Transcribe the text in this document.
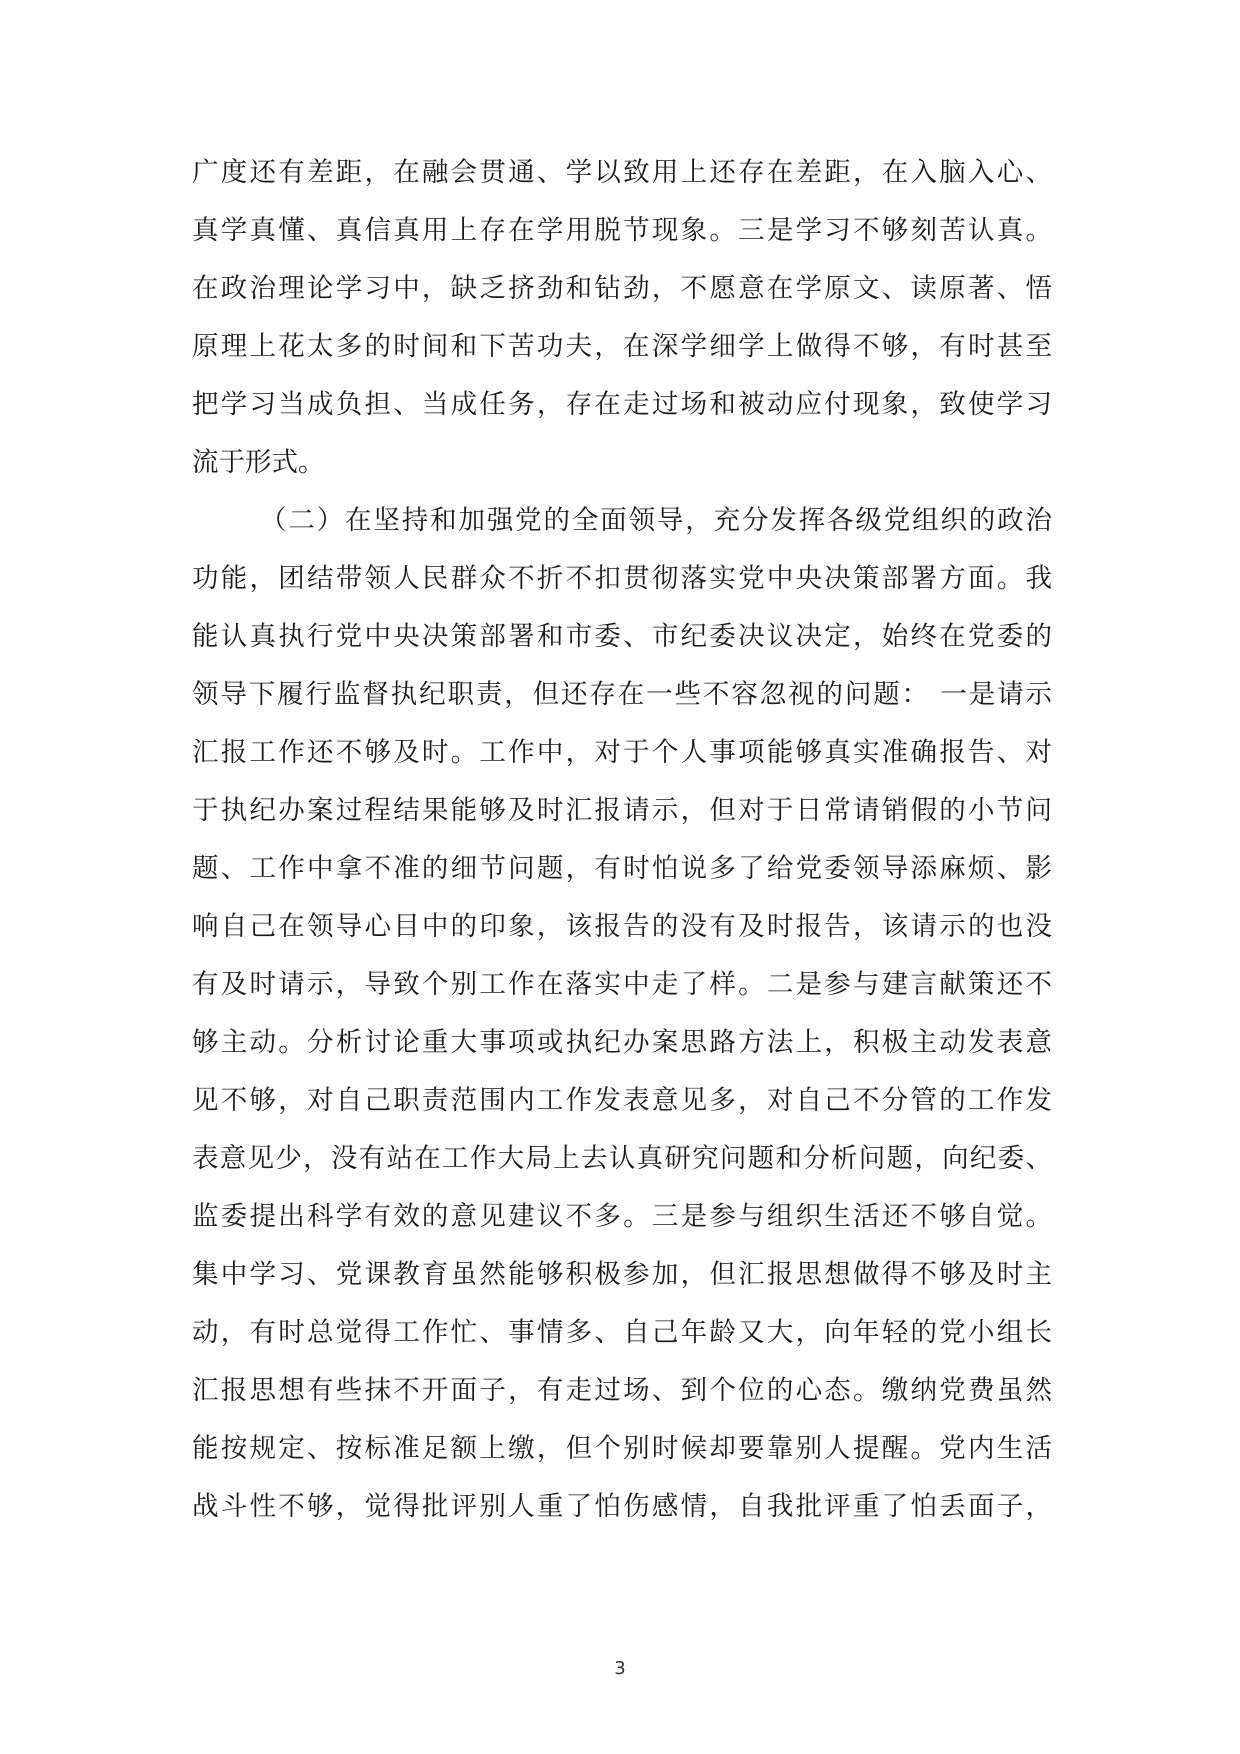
广度还有差距，在融会贯通、学以致用上还存在差距，在入脑入心、
真学真懂、真信真用上存在学用脱节现象。三是学习不够刻苦认真。
在政治理论学习中，缺乏挤劲和钻劲，不愿意在学原文、读原著、悟
原理上花太多的时间和下苦功夫，在深学细学上做得不够，有时甚至
把学习当成负担、当成任务，存在走过场和被动应付现象，致使学习
流于形式。
（二）在坚持和加强党的全面领导，充分发挥各级党组织的政治
功能，团结带领人民群众不折不扣贯彻落实党中央决策部署方面。我
能认真执行党中央决策部署和市委、市纪委决议决定，始终在党委的
领导下履行监督执纪职责，但还存在一些不容忽视的问题： 一是请示
汇报工作还不够及时。工作中，对于个人事项能够真实准确报告、对
于执纪办案过程结果能够及时汇报请示，但对于日常请销假的小节问
题、工作中拿不准的细节问题，有时怕说多了给党委领导添麻烦、影
响自己在领导心目中的印象，该报告的没有及时报告，该请示的也没
有及时请示，导致个别工作在落实中走了样。二是参与建言献策还不
够主动。分析讨论重大事项或执纪办案思路方法上，积极主动发表意
见不够，对自己职责范围内工作发表意见多，对自己不分管的工作发
表意见少，没有站在工作大局上去认真研究问题和分析问题，向纪委、
监委提出科学有效的意见建议不多。三是参与组织生活还不够自觉。
集中学习、党课教育虽然能够积极参加，但汇报思想做得不够及时主
动，有时总觉得工作忙、事情多、自己年龄又大，向年轻的党小组长
汇报思想有些抹不开面子，有走过场、到个位的心态。缴纳党费虽然
能按规定、按标准足额上缴，但个别时候却要靠别人提醒。党内生活
战斗性不够，觉得批评别人重了怕伤感情，自我批评重了怕丢面子，
3
